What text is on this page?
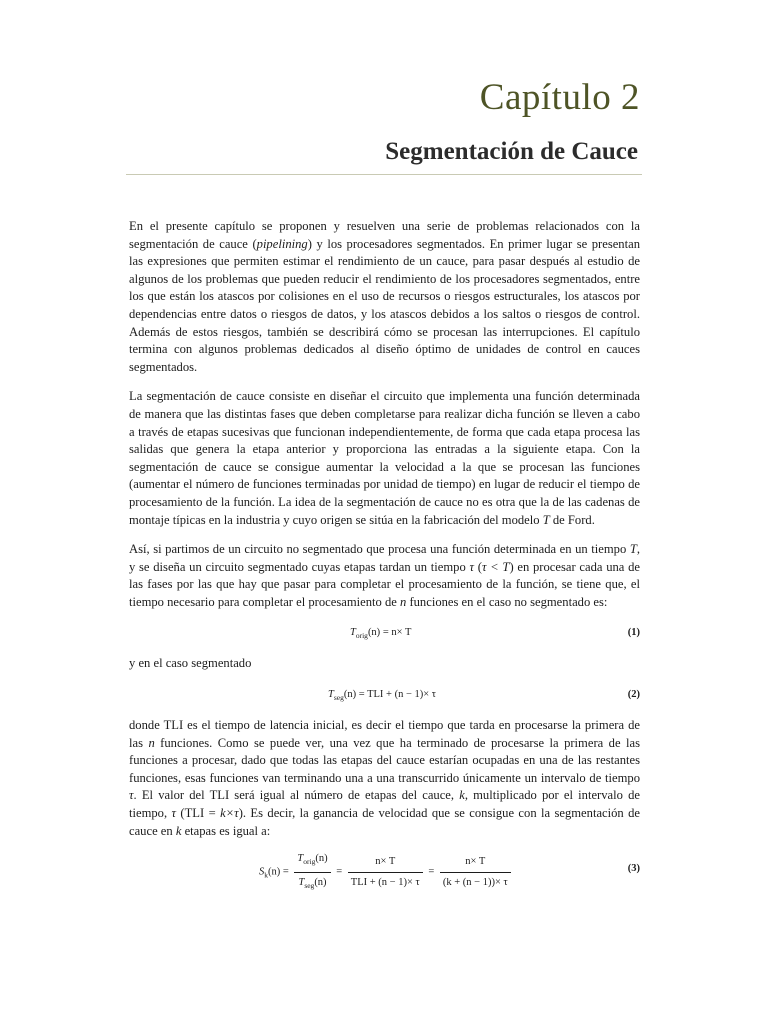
Capítulo 2
Segmentación de Cauce

En el presente capítulo se proponen y resuelven una serie de problemas relacionados con la segmentación de cauce (pipelining) y los procesadores segmentados. En primer lugar se presentan las expresiones que permiten estimar el rendimiento de un cauce, para pasar después al estudio de algunos de los problemas que pueden reducir el rendimiento de los procesadores segmentados, entre los que están los atascos por colisiones en el uso de recursos o riesgos estructurales, los atascos por dependencias entre datos o riesgos de datos, y los atascos debidos a los saltos o riesgos de control. Además de estos riesgos, también se describirá cómo se procesan las interrupciones. El capítulo termina con algunos problemas dedicados al diseño óptimo de unidades de control en cauces segmentados.

La segmentación de cauce consiste en diseñar el circuito que implementa una función determinada de manera que las distintas fases que deben completarse para realizar dicha función se lleven a cabo a través de etapas sucesivas que funcionan independientemente, de forma que cada etapa procesa las salidas que genera la etapa anterior y proporciona las entradas a la siguiente etapa. Con la segmentación de cauce se consigue aumentar la velocidad a la que se procesan las funciones (aumentar el número de funciones terminadas por unidad de tiempo) en lugar de reducir el tiempo de procesamiento de la función. La idea de la segmentación de cauce no es otra que la de las cadenas de montaje típicas en la industria y cuyo origen se sitúa en la fabricación del modelo T de Ford.

Así, si partimos de un circuito no segmentado que procesa una función determinada en un tiempo T, y se diseña un circuito segmentado cuyas etapas tardan un tiempo τ (τ < T) en procesar cada una de las fases por las que hay que pasar para completar el procesamiento de la función, se tiene que, el tiempo necesario para completar el procesamiento de n funciones en el caso no segmentado es:

$T_{orig}(n) = n\times T$	(1)

y en el caso segmentado

$T_{seg}(n)$ = TLI + (n − 1)× τ	(2)

donde TLI es el tiempo de latencia inicial, es decir el tiempo que tarda en procesarse la primera de las n funciones. Como se puede ver, una vez que ha terminado de procesarse la primera de las funciones a procesar, dado que todas las etapas del cauce estarían ocupadas en una de las restantes funciones, esas funciones van terminando una a una transcurrido únicamente un intervalo de tiempo τ. El valor del TLI será igual al número de etapas del cauce, k, multiplicado por el intervalo de tiempo, τ (TLI = k×τ). Es decir, la ganancia de velocidad que se consigue con la segmentación de cauce en k etapas es igual a:

$S_k(n) = \frac{T_{orig}(n)}{T_{seg}(n)} = \frac{n\times T}{\text{TLI + (n − 1)× τ}} = \frac{n\times T}{(k + (n - 1))\times \tau}$	(3)
